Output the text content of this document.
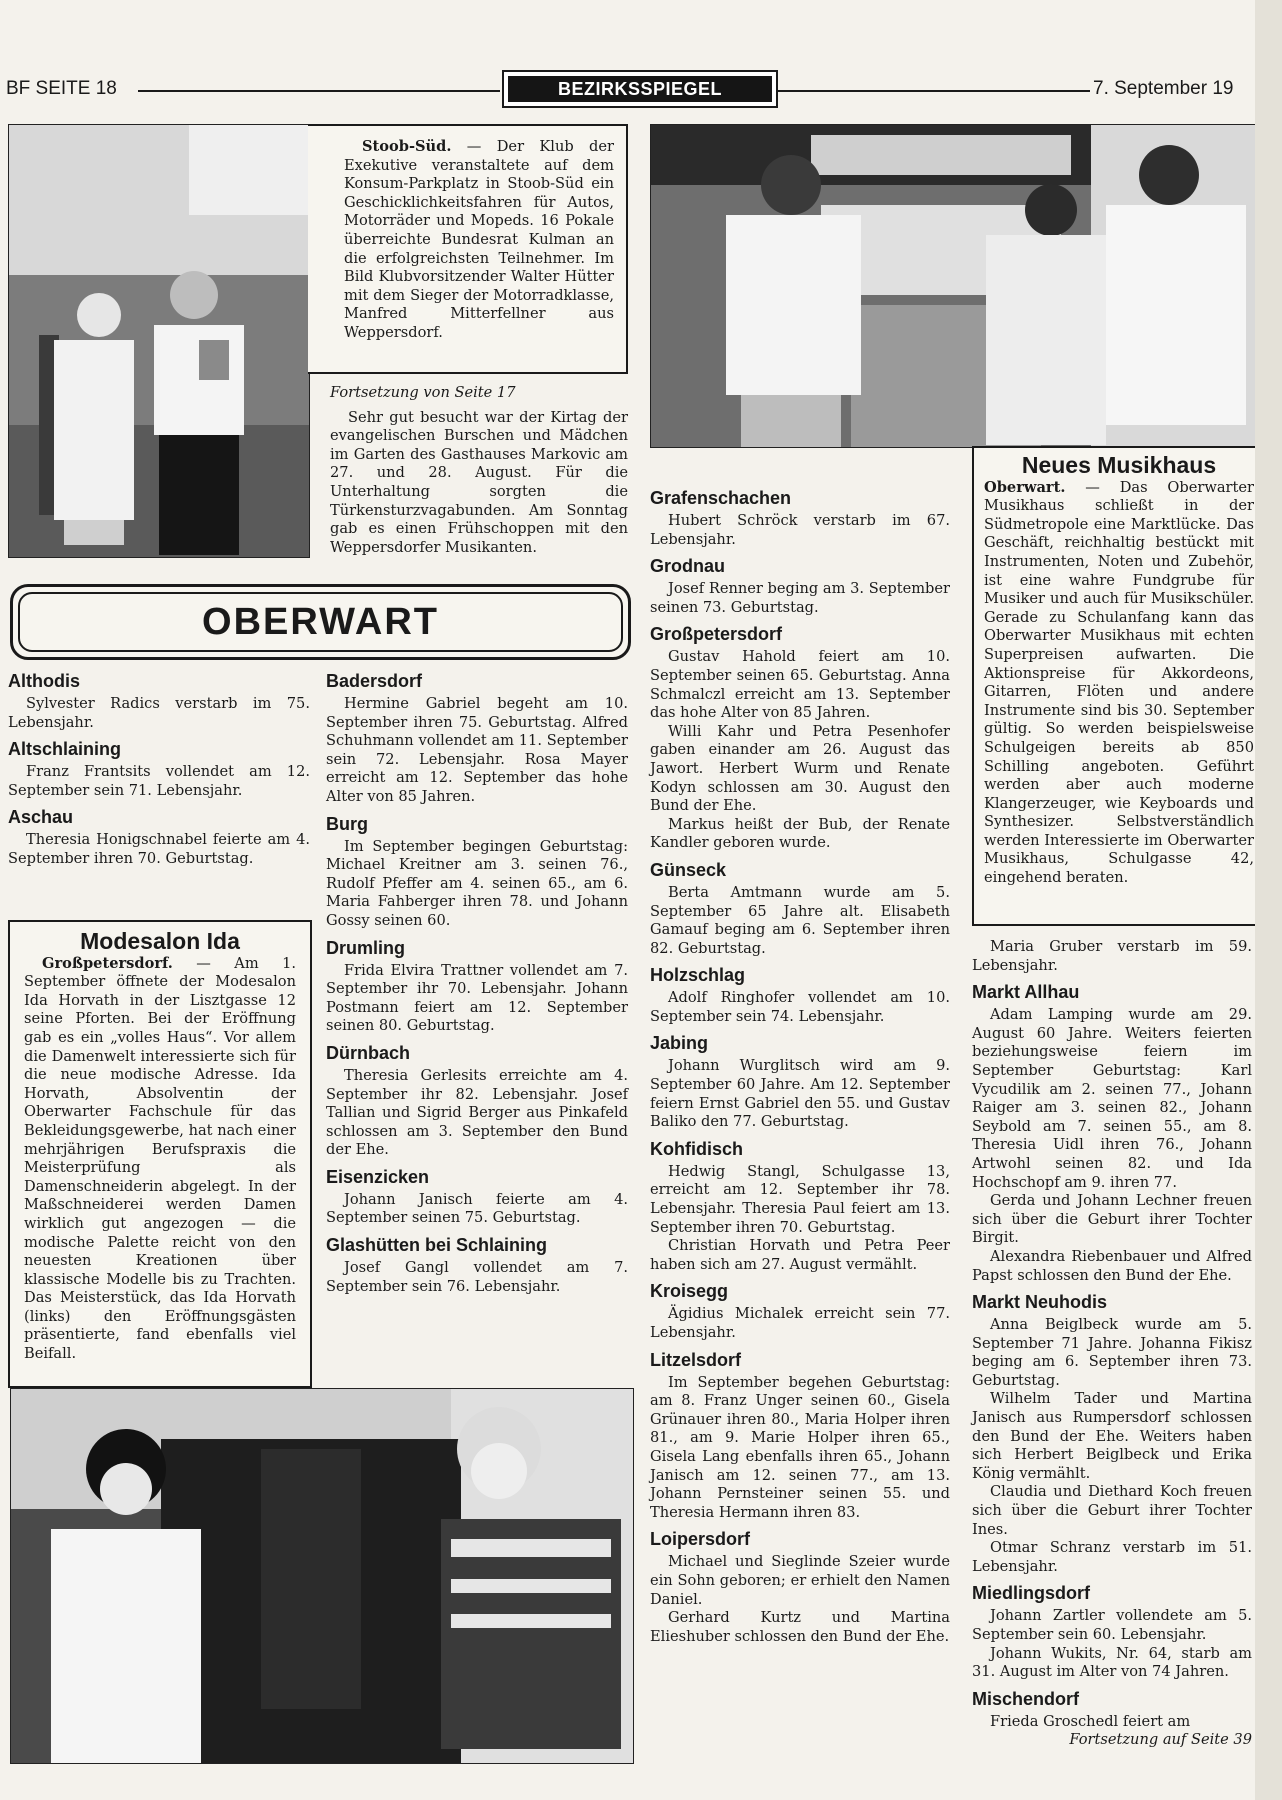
BF SEITE 18	BEZIRKSSPIEGEL	7. September 19

Stoob-Süd. — Der Klub der Exekutive veranstaltete auf dem Konsum-Parkplatz in Stoob-Süd ein Geschicklichkeitsfahren für Autos, Motorräder und Mopeds. 16 Pokale überreichte Bundesrat Kulman an die erfolgreichsten Teilnehmer. Im Bild Klubvorsitzender Walter Hütter mit dem Sieger der Motorradklasse, Manfred Mitterfellner aus Weppersdorf.

Fortsetzung von Seite 17

Sehr gut besucht war der Kirtag der evangelischen Burschen und Mädchen im Garten des Gasthauses Markovic am 27. und 28. August. Für die Unterhaltung sorgten die Türkensturzvagabunden. Am Sonntag gab es einen Frühschoppen mit den Weppersdorfer Musikanten.

OBERWART
Althodis

Sylvester Radics verstarb im 75. Lebensjahr.

Altschlaining

Franz Frantsits vollendet am 12. September sein 71. Lebensjahr.

Aschau

Theresia Honigschnabel feierte am 4. September ihren 70. Geburtstag.

Modesalon Ida

Großpetersdorf. — Am 1. September öffnete der Modesalon Ida Horvath in der Lisztgasse 12 seine Pforten. Bei der Eröffnung gab es ein „volles Haus“. Vor allem die Damenwelt interessierte sich für die neue modische Adresse. Ida Horvath, Absolventin der Oberwarter Fachschule für das Bekleidungsgewerbe, hat nach einer mehrjährigen Berufspraxis die Meisterprüfung als Damenschneiderin abgelegt. In der Maßschneiderei werden Damen wirklich gut angezogen — die modische Palette reicht von den neuesten Kreationen über klassische Modelle bis zu Trachten. Das Meisterstück, das Ida Horvath (links) den Eröffnungsgästen präsentierte, fand ebenfalls viel Beifall.

Badersdorf

Hermine Gabriel begeht am 10. September ihren 75. Geburtstag. Alfred Schuhmann vollendet am 11. September sein 72. Lebensjahr. Rosa Mayer erreicht am 12. September das hohe Alter von 85 Jahren.

Burg

Im September begingen Geburtstag: Michael Kreitner am 3. seinen 76., Rudolf Pfeffer am 4. seinen 65., am 6. Maria Fahberger ihren 78. und Johann Gossy seinen 60.

Drumling

Frida Elvira Trattner vollendet am 7. September ihr 70. Lebensjahr. Johann Postmann feiert am 12. September seinen 80. Geburtstag.

Dürnbach

Theresia Gerlesits erreichte am 4. September ihr 82. Lebensjahr. Josef Tallian und Sigrid Berger aus Pinkafeld schlossen am 3. September den Bund der Ehe.

Eisenzicken

Johann Janisch feierte am 4. September seinen 75. Geburtstag.

Glashütten bei Schlaining

Josef Gangl vollendet am 7. September sein 76. Lebensjahr.

Grafenschachen

Hubert Schröck verstarb im 67. Lebensjahr.

Grodnau

Josef Renner beging am 3. September seinen 73. Geburtstag.

Großpetersdorf

Gustav Hahold feiert am 10. September seinen 65. Geburtstag. Anna Schmalczl erreicht am 13. September das hohe Alter von 85 Jahren.

Willi Kahr und Petra Pesenhofer gaben einander am 26. August das Jawort. Herbert Wurm und Renate Kodyn schlossen am 30. August den Bund der Ehe.

Markus heißt der Bub, der Renate Kandler geboren wurde.

Günseck

Berta Amtmann wurde am 5. September 65 Jahre alt. Elisabeth Gamauf beging am 6. September ihren 82. Geburtstag.

Holzschlag

Adolf Ringhofer vollendet am 10. September sein 74. Lebensjahr.

Jabing

Johann Wurglitsch wird am 9. September 60 Jahre. Am 12. September feiern Ernst Gabriel den 55. und Gustav Baliko den 77. Geburtstag.

Kohfidisch

Hedwig Stangl, Schulgasse 13, erreicht am 12. September ihr 78. Lebensjahr. Theresia Paul feiert am 13. September ihren 70. Geburtstag.

Christian Horvath und Petra Peer haben sich am 27. August vermählt.

Kroisegg

Ägidius Michalek erreicht sein 77. Lebensjahr.

Litzelsdorf

Im September begehen Geburtstag: am 8. Franz Unger seinen 60., Gisela Grünauer ihren 80., Maria Holper ihren 81., am 9. Marie Holper ihren 65., Gisela Lang ebenfalls ihren 65., Johann Janisch am 12. seinen 77., am 13. Johann Pernsteiner seinen 55. und Theresia Hermann ihren 83.

Loipersdorf

Michael und Sieglinde Szeier wurde ein Sohn geboren; er erhielt den Namen Daniel.

Gerhard Kurtz und Martina Elieshuber schlossen den Bund der Ehe.

Neues Musikhaus

Oberwart. — Das Oberwarter Musikhaus schließt in der Südmetropole eine Marktlücke. Das Geschäft, reichhaltig bestückt mit Instrumenten, Noten und Zubehör, ist eine wahre Fundgrube für Musiker und auch für Musikschüler. Gerade zu Schulanfang kann das Oberwarter Musikhaus mit echten Superpreisen aufwarten. Die Aktionspreise für Akkordeons, Gitarren, Flöten und andere Instrumente sind bis 30. September gültig. So werden beispielsweise Schulgeigen bereits ab 850 Schilling angeboten. Geführt werden aber auch moderne Klangerzeuger, wie Keyboards und Synthesizer. Selbstverständlich werden Interessierte im Oberwarter Musikhaus, Schulgasse 42, eingehend beraten.

Maria Gruber verstarb im 59. Lebensjahr.

Markt Allhau

Adam Lamping wurde am 29. August 60 Jahre. Weiters feierten beziehungsweise feiern im September Geburtstag: Karl Vycudilik am 2. seinen 77., Johann Raiger am 3. seinen 82., Johann Seybold am 7. seinen 55., am 8. Theresia Uidl ihren 76., Johann Artwohl seinen 82. und Ida Hochschopf am 9. ihren 77.

Gerda und Johann Lechner freuen sich über die Geburt ihrer Tochter Birgit.

Alexandra Riebenbauer und Alfred Papst schlossen den Bund der Ehe.

Markt Neuhodis

Anna Beiglbeck wurde am 5. September 71 Jahre. Johanna Fikisz beging am 6. September ihren 73. Geburtstag.

Wilhelm Tader und Martina Janisch aus Rumpersdorf schlossen den Bund der Ehe. Weiters haben sich Herbert Beiglbeck und Erika König vermählt.

Claudia und Diethard Koch freuen sich über die Geburt ihrer Tochter Ines.

Otmar Schranz verstarb im 51. Lebensjahr.

Miedlingsdorf

Johann Zartler vollendete am 5. September sein 60. Lebensjahr.

Johann Wukits, Nr. 64, starb am 31. August im Alter von 74 Jahren.

Mischendorf

Frieda Groschedl feiert am

Fortsetzung auf Seite 39
